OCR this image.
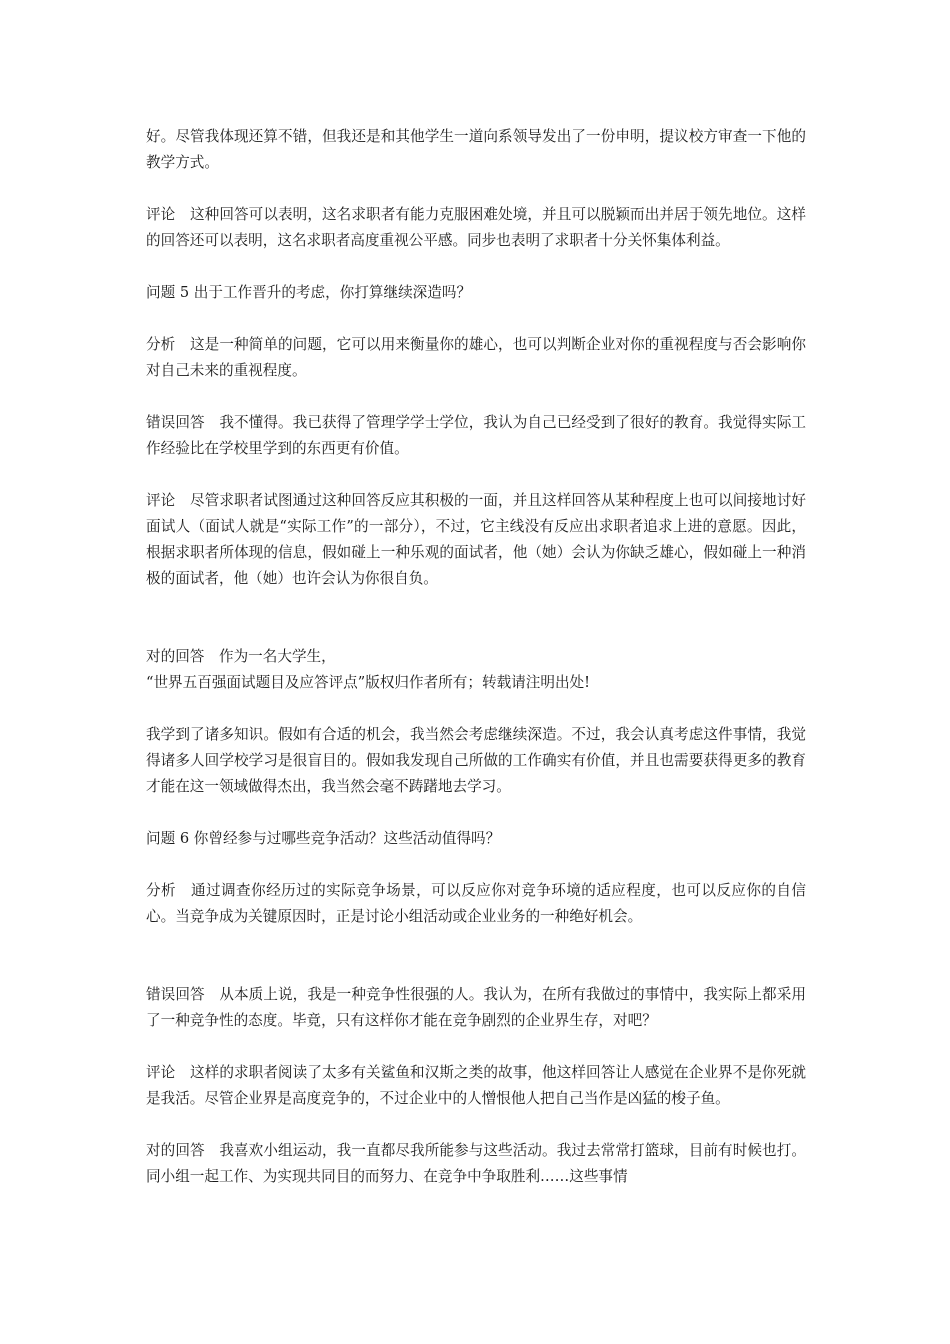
好。尽管我体现还算不错，但我还是和其他学生一道向系领导发出了一份申明，提议校方审查一下他的教学方式。

评论　这种回答可以表明，这名求职者有能力克服困难处境，并且可以脱颖而出并居于领先地位。这样的回答还可以表明，这名求职者高度重视公平感。同步也表明了求职者十分关怀集体利益。

问题 5 出于工作晋升的考虑，你打算继续深造吗？

分析　这是一种简单的问题，它可以用来衡量你的雄心，也可以判断企业对你的重视程度与否会影响你对自己未来的重视程度。

错误回答　我不懂得。我已获得了管理学学士学位，我认为自己已经受到了很好的教育。我觉得实际工作经验比在学校里学到的东西更有价值。

评论　尽管求职者试图通过这种回答反应其积极的一面，并且这样回答从某种程度上也可以间接地讨好面试人（面试人就是“实际工作”的一部分），不过，它主线没有反应出求职者追求上进的意愿。因此，根据求职者所体现的信息，假如碰上一种乐观的面试者，他（她）会认为你缺乏雄心，假如碰上一种消极的面试者，他（她）也许会认为你很自负。

对的回答　作为一名大学生，

“世界五百强面试题目及应答评点”版权归作者所有；转载请注明出处!

我学到了诸多知识。假如有合适的机会，我当然会考虑继续深造。不过，我会认真考虑这件事情，我觉得诸多人回学校学习是很盲目的。假如我发现自己所做的工作确实有价值，并且也需要获得更多的教育才能在这一领域做得杰出，我当然会毫不踌躇地去学习。

问题 6 你曾经参与过哪些竞争活动？这些活动值得吗？

分析　通过调查你经历过的实际竞争场景，可以反应你对竞争环境的适应程度，也可以反应你的自信心。当竞争成为关键原因时，正是讨论小组活动或企业业务的一种绝好机会。

错误回答　从本质上说，我是一种竞争性很强的人。我认为，在所有我做过的事情中，我实际上都采用了一种竞争性的态度。毕竟，只有这样你才能在竞争剧烈的企业界生存，对吧？

评论　这样的求职者阅读了太多有关鲨鱼和汉斯之类的故事，他这样回答让人感觉在企业界不是你死就是我活。尽管企业界是高度竞争的，不过企业中的人憎恨他人把自己当作是凶猛的梭子鱼。

对的回答　我喜欢小组运动，我一直都尽我所能参与这些活动。我过去常常打篮球，目前有时候也打。同小组一起工作、为实现共同目的而努力、在竞争中争取胜利……这些事情
